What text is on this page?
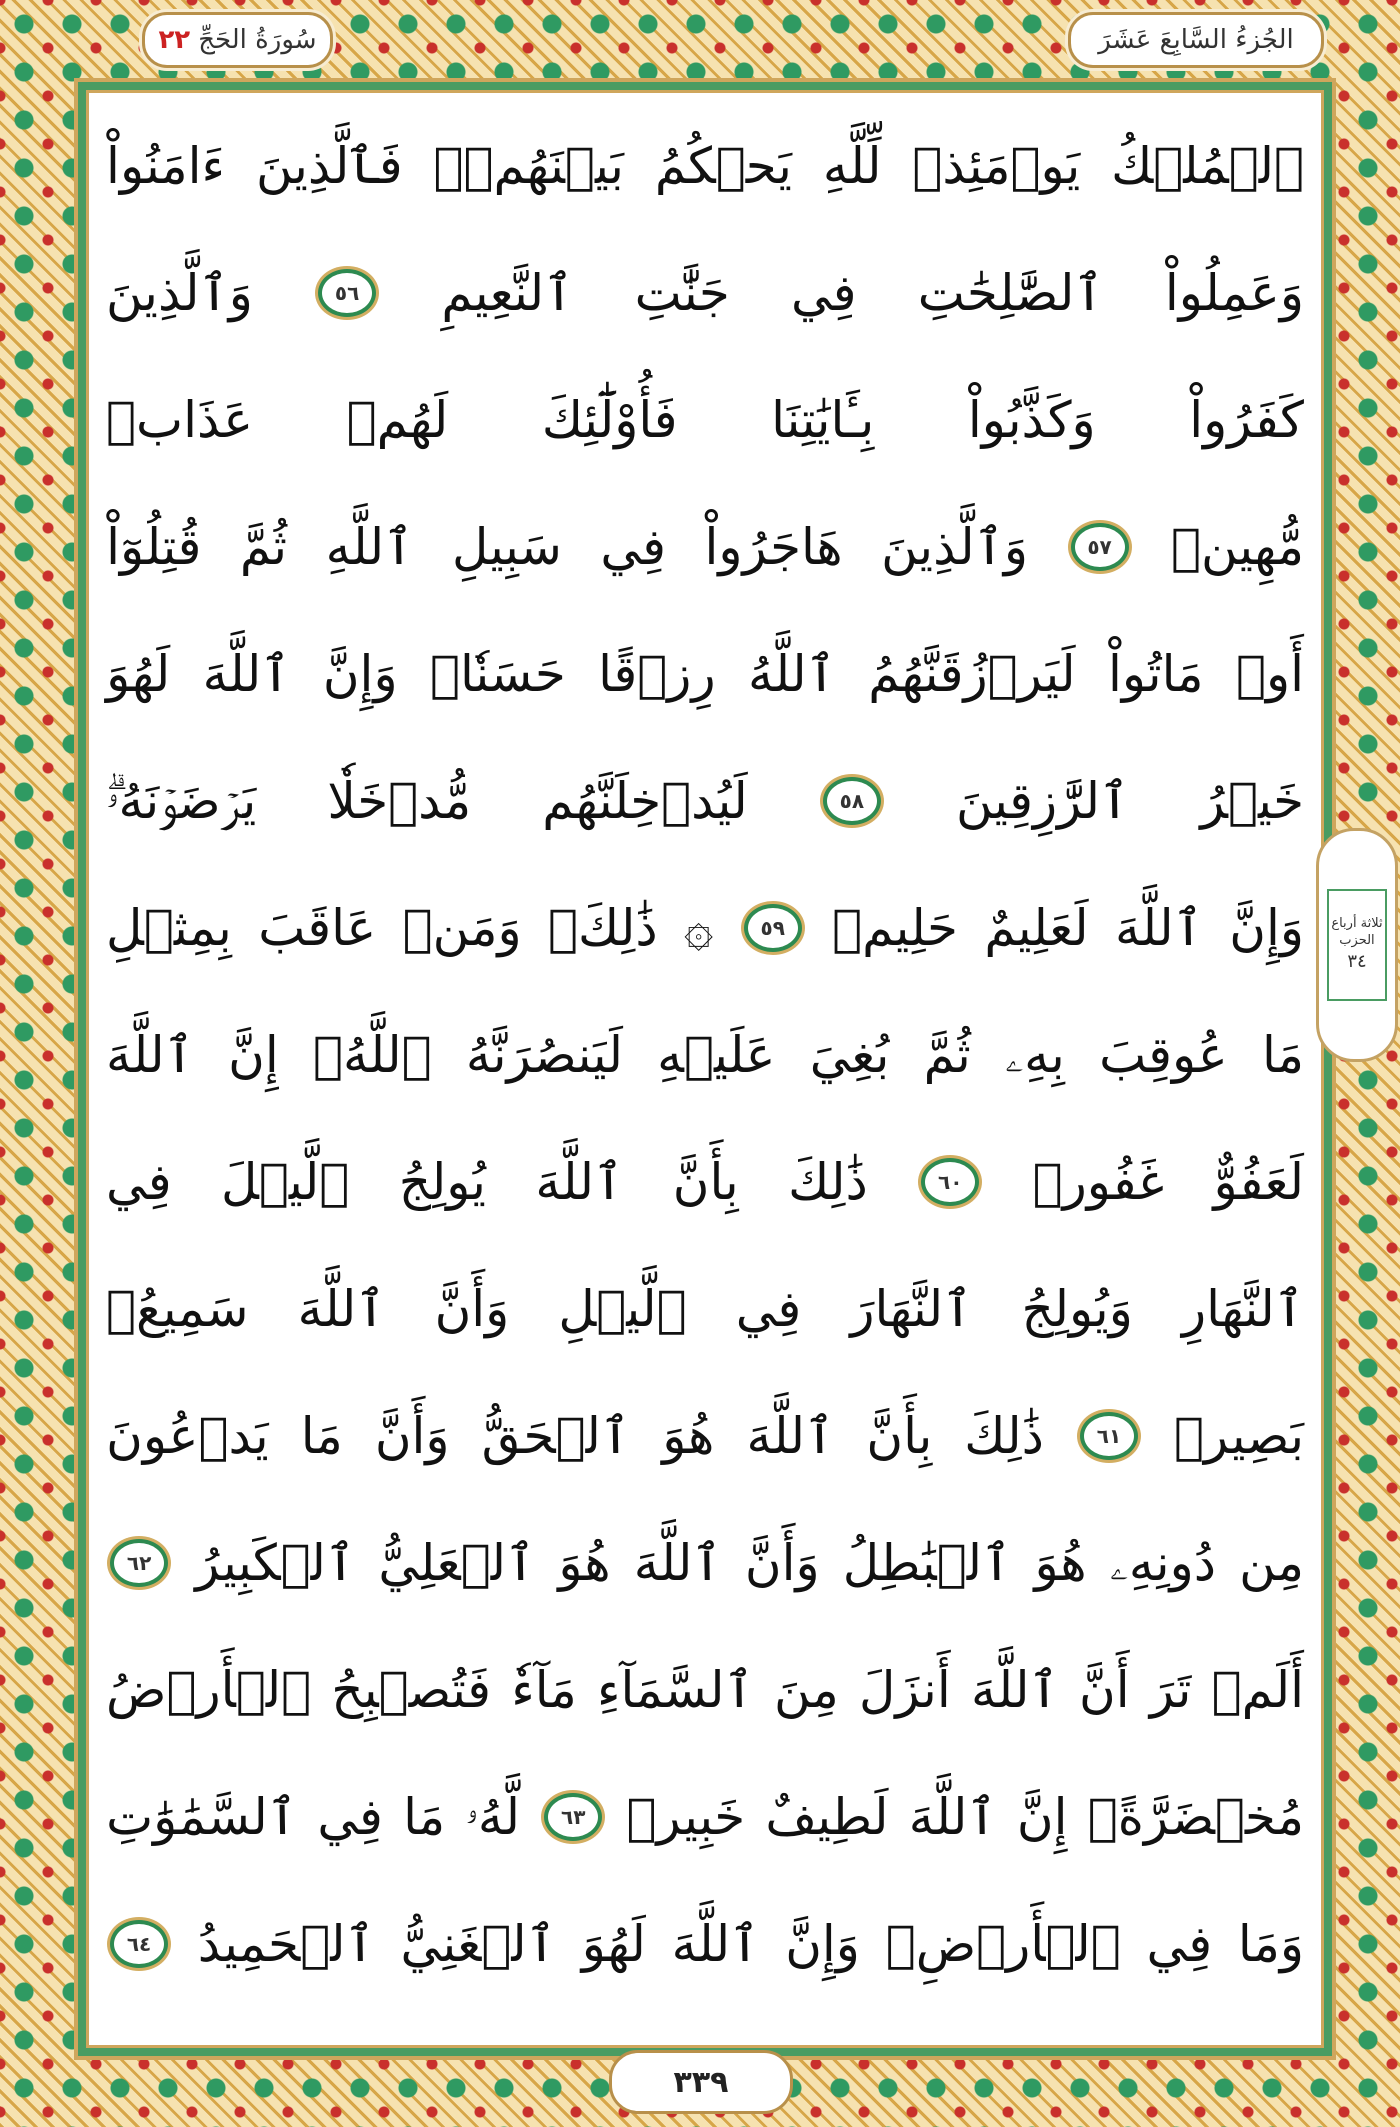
سُورَةُ الحَجِّ
٢٢	الجُزءُ السَّابِعَ عَشَرَ
ٱلۡمُلۡكُ
يَوۡمَئِذٖ
لِّلَّهِ
يَحۡكُمُ
بَيۡنَهُمۡۚ
فَٱلَّذِينَ
ءَامَنُواْ
وَعَمِلُواْ
ٱلصَّٰلِحَٰتِ
فِي
جَنَّٰتِ
ٱلنَّعِيمِ
٥٦
وَٱلَّذِينَ
كَفَرُواْ
وَكَذَّبُواْ
بِـَٔايَٰتِنَا
فَأُوْلَٰٓئِكَ
لَهُمۡ
عَذَابٞ
مُّهِينٞ
٥٧
وَٱلَّذِينَ
هَاجَرُواْ
فِي
سَبِيلِ
ٱللَّهِ
ثُمَّ
قُتِلُوٓاْ
أَوۡ
مَاتُواْ
لَيَرۡزُقَنَّهُمُ
ٱللَّهُ
رِزۡقًا
حَسَنٗاۚ
وَإِنَّ
ٱللَّهَ
لَهُوَ
خَيۡرُ
ٱلرَّٰزِقِينَ
٥٨
لَيُدۡخِلَنَّهُم
مُّدۡخَلٗا
يَرۡضَوۡنَهُۥۗ
وَإِنَّ
ٱللَّهَ
لَعَلِيمٌ
حَلِيمٞ
٥٩
۞
ذَٰلِكَۖ
وَمَنۡ
عَاقَبَ
بِمِثۡلِ
مَا
عُوقِبَ
بِهِۦ
ثُمَّ
بُغِيَ
عَلَيۡهِ
لَيَنصُرَنَّهُ
ٱللَّهُۚ
إِنَّ
ٱللَّهَ
لَعَفُوٌّ
غَفُورٞ
٦٠
ذَٰلِكَ
بِأَنَّ
ٱللَّهَ
يُولِجُ
ٱلَّيۡلَ
فِي
ٱلنَّهَارِ
وَيُولِجُ
ٱلنَّهَارَ
فِي
ٱلَّيۡلِ
وَأَنَّ
ٱللَّهَ
سَمِيعُۢ
بَصِيرٞ
٦١
ذَٰلِكَ
بِأَنَّ
ٱللَّهَ
هُوَ
ٱلۡحَقُّ
وَأَنَّ
مَا
يَدۡعُونَ
مِن
دُونِهِۦ
هُوَ
ٱلۡبَٰطِلُ
وَأَنَّ
ٱللَّهَ
هُوَ
ٱلۡعَلِيُّ
ٱلۡكَبِيرُ
٦٢
أَلَمۡ
تَرَ
أَنَّ
ٱللَّهَ
أَنزَلَ
مِنَ
ٱلسَّمَآءِ
مَآءٗ
فَتُصۡبِحُ
ٱلۡأَرۡضُ
مُخۡضَرَّةًۚ
إِنَّ
ٱللَّهَ
لَطِيفٌ
خَبِيرٞ
٦٣
لَّهُۥ
مَا
فِي
ٱلسَّمَٰوَٰتِ
وَمَا
فِي
ٱلۡأَرۡضِۚ
وَإِنَّ
ٱللَّهَ
لَهُوَ
ٱلۡغَنِيُّ
ٱلۡحَمِيدُ
٦٤
ثلاثة أرباع الحزب
٣٤
٣٣٩
